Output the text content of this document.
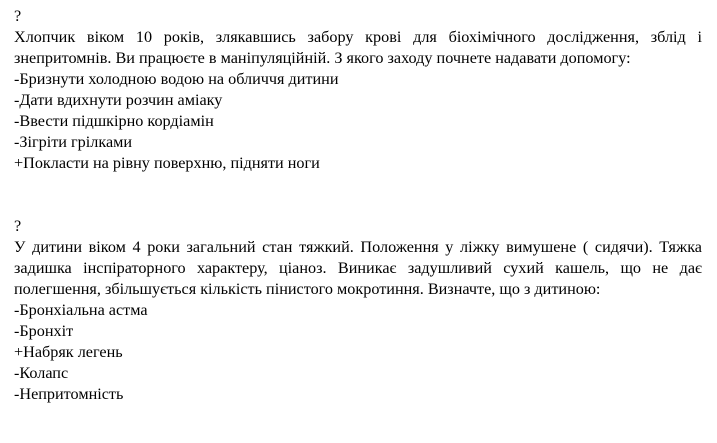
?

Хлопчик віком 10 років, злякавшись забору крові для біохімічного дослідження, зблід і знепритомнів. Ви працюєте в маніпуляційній. З якого заходу почнете надавати допомогу:

-Бризнути холодною водою на обличчя дитини
-Дати вдихнути розчин аміаку
-Ввести підшкірно кордіамін
-Зігріти грілками
+Покласти на рівну поверхню, підняти ноги
?

У дитини віком 4 роки загальний стан тяжкий. Положення у ліжку вимушене ( сидячи). Тяжка задишка інспіраторного характеру, ціаноз. Виникає задушливий сухий кашель, що не дає полегшення, збільшується кількість пінистого мокротиння. Визначте, що з дитиною:

-Бронхіальна астма
-Бронхіт
+Набряк легень
-Колапс
-Непритомність
